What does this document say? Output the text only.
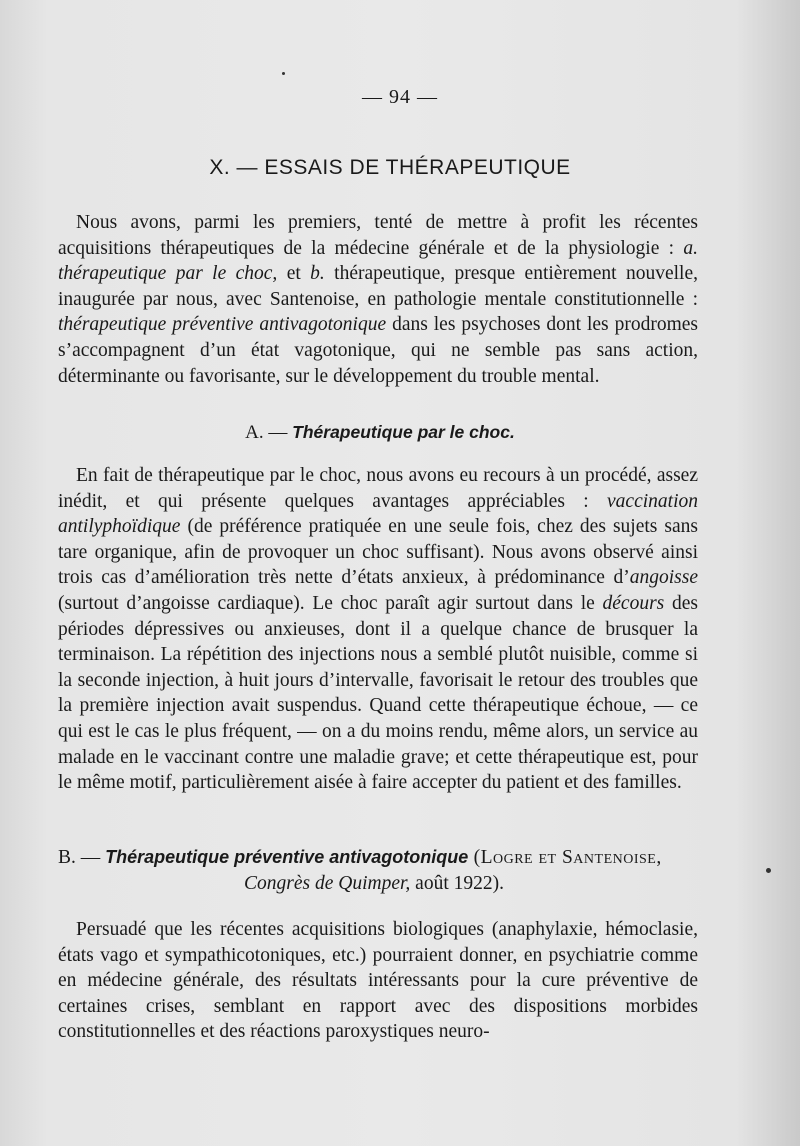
— 94 —
X. — ESSAIS DE THÉRAPEUTIQUE

Nous avons, parmi les premiers, tenté de mettre à profit les récentes acquisitions thérapeutiques de la médecine générale et de la physiologie : a. thérapeutique par le choc, et b. thérapeutique, presque entièrement nouvelle, inaugurée par nous, avec Santenoise, en pathologie mentale constitutionnelle : thérapeutique préventive antivagotonique dans les psychoses dont les prodromes s’accompagnent d’un état vagotonique, qui ne semble pas sans action, déterminante ou favorisante, sur le développement du trouble mental.

A. — Thérapeutique par le choc.

En fait de thérapeutique par le choc, nous avons eu recours à un procédé, assez inédit, et qui présente quelques avantages appréciables : vaccination antilyphoïdique (de préférence pratiquée en une seule fois, chez des sujets sans tare organique, afin de provoquer un choc suffisant). Nous avons observé ainsi trois cas d’amélioration très nette d’états anxieux, à prédominance d’angoisse (surtout d’angoisse cardiaque). Le choc paraît agir surtout dans le décours des périodes dépressives ou anxieuses, dont il a quelque chance de brusquer la terminaison. La répétition des injections nous a semblé plutôt nuisible, comme si la seconde injection, à huit jours d’intervalle, favorisait le retour des troubles que la première injection avait suspendus. Quand cette thérapeutique échoue, — ce qui est le cas le plus fréquent, — on a du moins rendu, même alors, un service au malade en le vaccinant contre une maladie grave; et cette thérapeutique est, pour le même motif, particulièrement aisée à faire accepter du patient et des familles.

B. — Thérapeutique préventive antivagotonique (Logre et Santenoise,
Congrès de Quimper, août 1922).

Persuadé que les récentes acquisitions biologiques (anaphylaxie, hémoclasie, états vago et sympathicotoniques, etc.) pourraient donner, en psychiatrie comme en médecine générale, des résultats intéressants pour la cure préventive de certaines crises, semblant en rapport avec des dispositions morbides constitutionnelles et des réactions paroxystiques neuro-
